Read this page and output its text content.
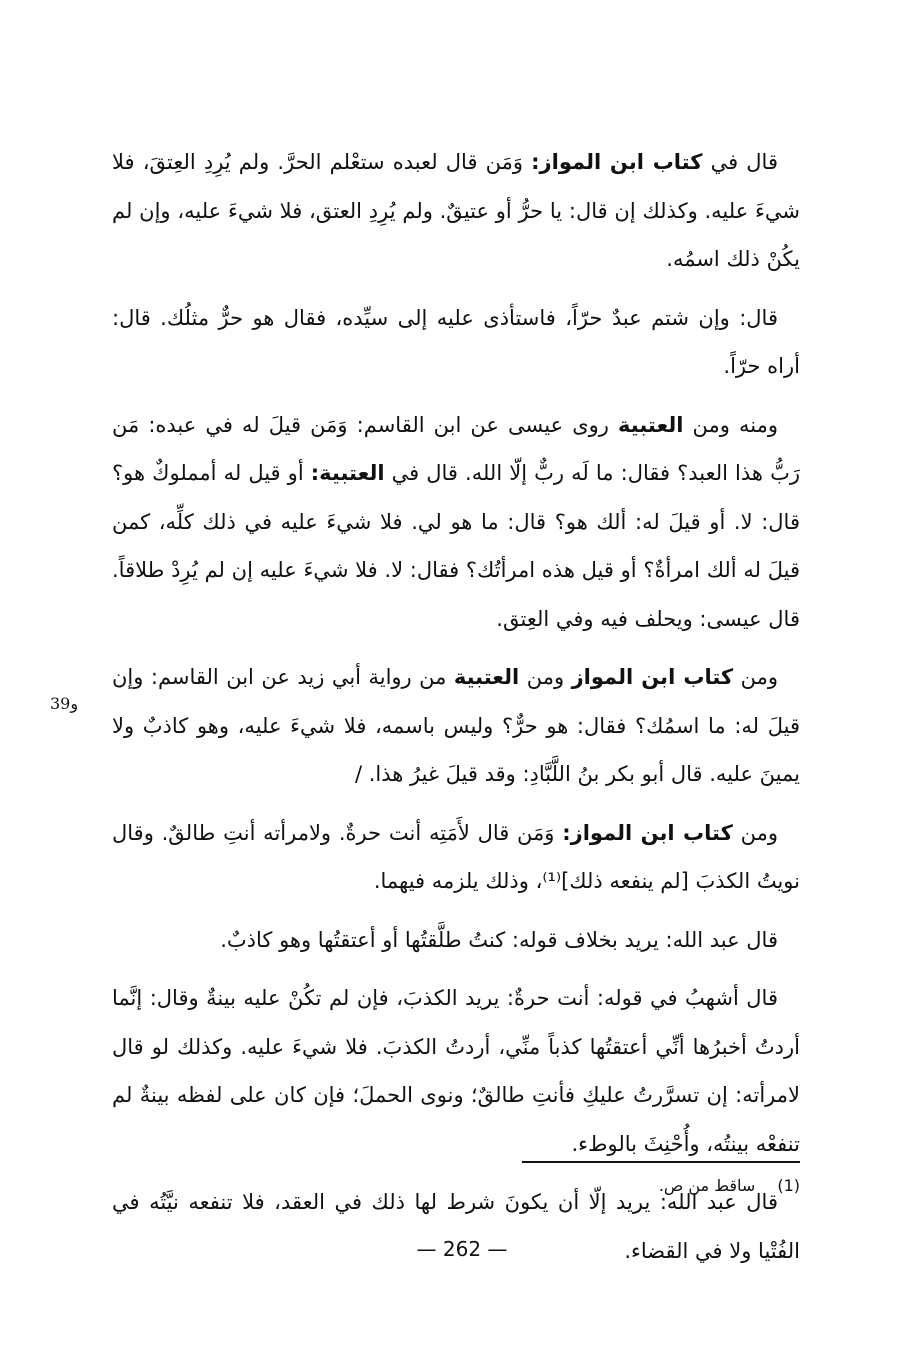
و39

قال في كتاب ابن المواز: وَمَن قال لعبده ستعْلم الحرَّ. ولم يُرِدِ العِتقَ، فلا شيءَ عليه. وكذلك إن قال: يا حرُّ أو عتيقٌ. ولم يُرِدِ العتق، فلا شيءَ عليه، وإن لم يكُنْ ذلك اسمُه.

قال: وإن شتم عبدٌ حرّاً، فاستأذى عليه إلى سيِّده، فقال هو حرٌّ مثلُك. قال: أراه حرّاً.

ومنه ومن العتبية روى عيسى عن ابن القاسم: وَمَن قيلَ له في عبده: مَن رَبُّ هذا العبد؟ فقال: ما لَه ربٌّ إلّا الله. قال في العتبية: أو قيل له أمملوكٌ هو؟ قال: لا. أو قيلَ له: ألك هو؟ قال: ما هو لي. فلا شيءَ عليه في ذلك كلِّه، كمن قيلَ له ألك امرأةٌ؟ أو قيل هذه امرأتُك؟ فقال: لا. فلا شيءَ عليه إن لم يُرِدْ طلاقاً. قال عيسى: ويحلف فيه وفي العِتق.

ومن كتاب ابن المواز ومن العتبية من رواية أبي زيد عن ابن القاسم: وإن قيلَ له: ما اسمُك؟ فقال: هو حرٌّ؟ وليس باسمه، فلا شيءَ عليه، وهو كاذبٌ ولا يمينَ عليه. قال أبو بكر بنُ اللَّبَّادِ: وقد قيلَ غيرُ هذا. /

ومن كتاب ابن المواز: وَمَن قال لأَمَتِه أنت حرةٌ. ولامرأته أنتِ طالقٌ. وقال نويتُ الكذبَ [لم ينفعه ذلك]⁽¹⁾، وذلك يلزمه فيهما.

قال عبد الله: يريد بخلاف قوله: كنتُ طلَّقتُها أو أعتقتُها وهو كاذبٌ.

قال أشهبُ في قوله: أنت حرةٌ: يريد الكذبَ، فإن لم تكُنْ عليه بينةٌ وقال: إنَّما أردتُ أخبرُها أنِّي أعتقتُها كذباً منِّي، أردتُ الكذبَ. فلا شيءَ عليه. وكذلك لو قال لامرأته: إن تسرَّرتُ عليكِ فأنتِ طالقٌ؛ ونوى الحملَ؛ فإن كان على لفظه بينةٌ لم تنفعْه بينتُه، وأُحْنِثَ بالوطء.

قال عبد الله: يريد إلّا أن يكونَ شرط لها ذلك في العقد، فلا تنفعه نيَّتُه في الفُتْيا ولا في القضاء.

(1)ساقط من ص.
— 262 —
